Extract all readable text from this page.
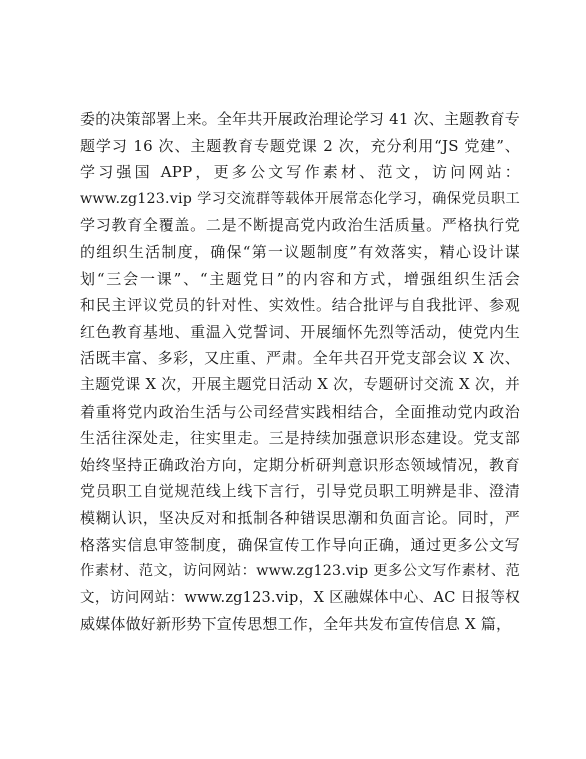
委的决策部署上来。全年共开展政治理论学习 41 次、主题教育专
题学习 16 次、主题教育专题党课 2 次，充分利用“JS 党建”、
学习强国 APP，更多公文写作素材、范文，访问网站：
www.zg123.vip 学习交流群等载体开展常态化学习，确保党员职工
学习教育全覆盖。二是不断提高党内政治生活质量。严格执行党
的组织生活制度，确保“第一议题制度”有效落实，精心设计谋
划“三会一课”、“主题党日”的内容和方式，增强组织生活会
和民主评议党员的针对性、实效性。结合批评与自我批评、参观
红色教育基地、重温入党誓词、开展缅怀先烈等活动，使党内生
活既丰富、多彩，又庄重、严肃。全年共召开党支部会议 X 次、
主题党课 X 次，开展主题党日活动 X 次，专题研讨交流 X 次，并
着重将党内政治生活与公司经营实践相结合，全面推动党内政治
生活往深处走，往实里走。三是持续加强意识形态建设。党支部
始终坚持正确政治方向，定期分析研判意识形态领域情况，教育
党员职工自觉规范线上线下言行，引导党员职工明辨是非、澄清
模糊认识，坚决反对和抵制各种错误思潮和负面言论。同时，严
格落实信息审签制度，确保宣传工作导向正确，通过更多公文写
作素材、范文，访问网站：www.zg123.vip 更多公文写作素材、范
文，访问网站：www.zg123.vip，X 区融媒体中心、AC 日报等权
威媒体做好新形势下宣传思想工作，全年共发布宣传信息 X 篇，
